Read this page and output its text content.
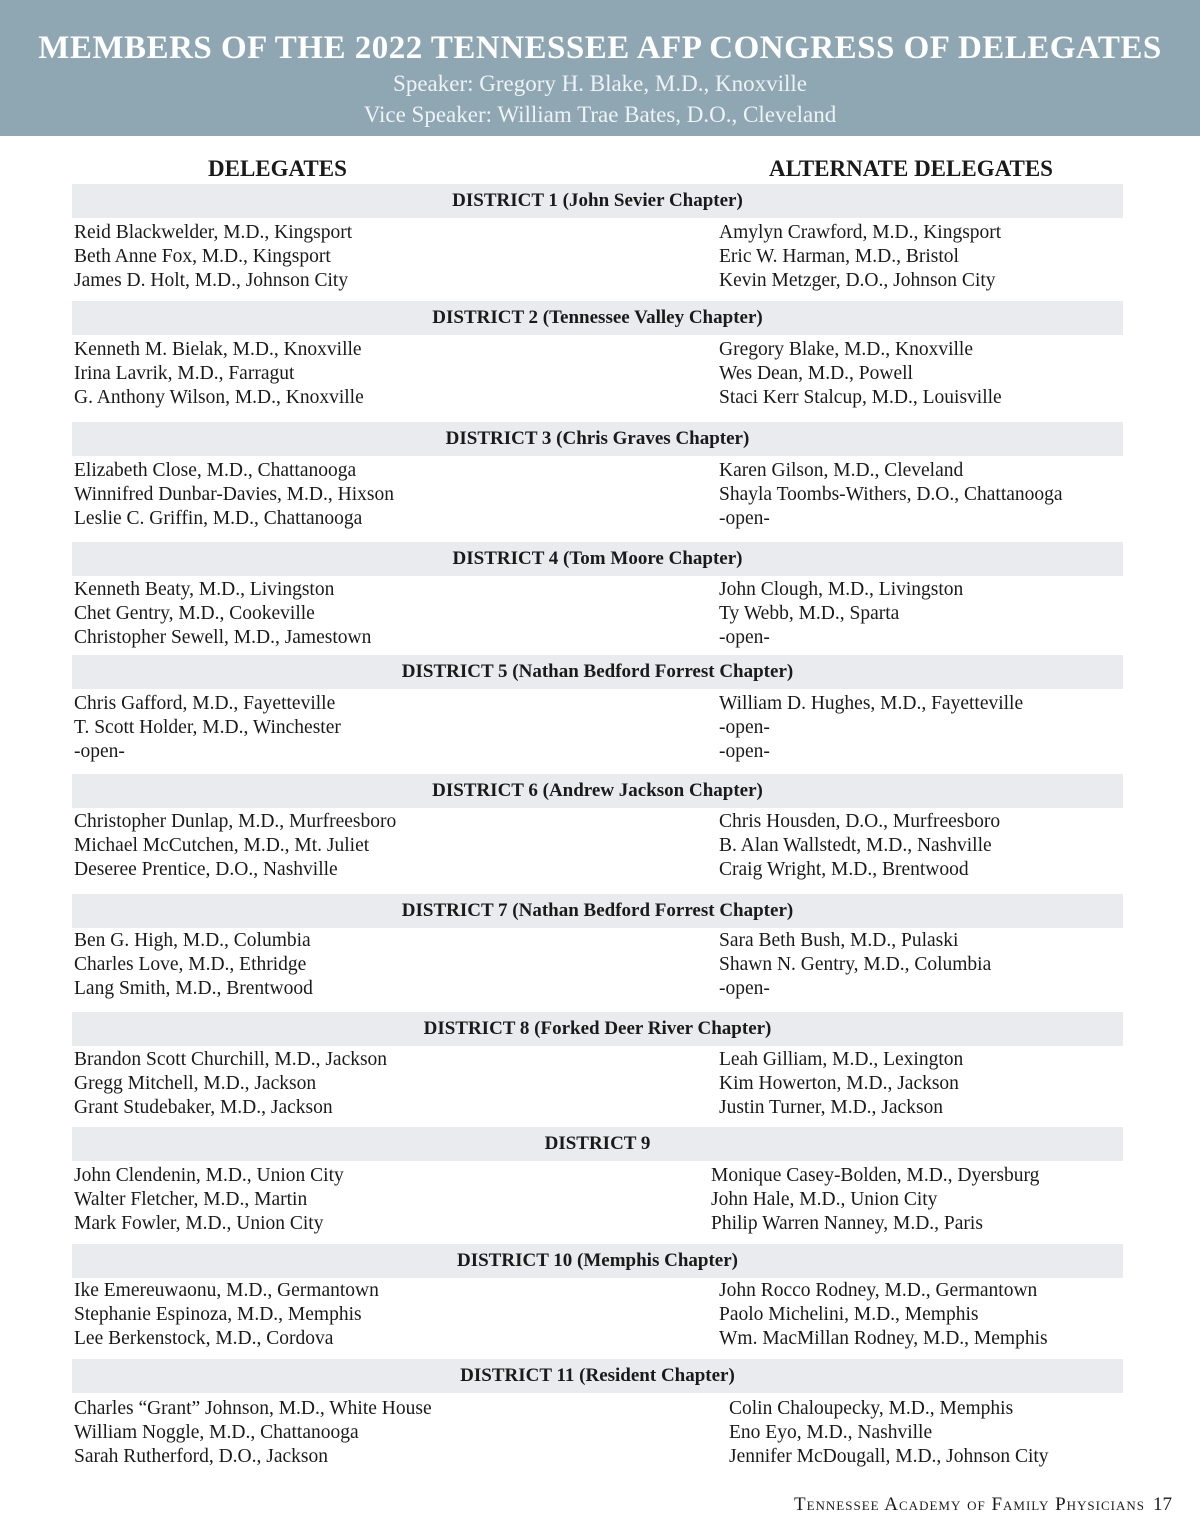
MEMBERS OF THE 2022 TENNESSEE AFP CONGRESS OF DELEGATES
Speaker: Gregory H. Blake, M.D., Knoxville
Vice Speaker: William Trae Bates, D.O., Cleveland
DELEGATES	ALTERNATE DELEGATES
DISTRICT 1 (John Sevier Chapter)
Reid Blackwelder, M.D., Kingsport
Beth Anne Fox, M.D., Kingsport
James D. Holt, M.D., Johnson City
Amylyn Crawford, M.D., Kingsport
Eric W. Harman, M.D., Bristol
Kevin Metzger, D.O., Johnson City
DISTRICT 2 (Tennessee Valley Chapter)
Kenneth M. Bielak, M.D., Knoxville
Irina Lavrik, M.D., Farragut
G. Anthony Wilson, M.D., Knoxville
Gregory Blake, M.D., Knoxville
Wes Dean, M.D., Powell
Staci Kerr Stalcup, M.D., Louisville
DISTRICT 3 (Chris Graves Chapter)
Elizabeth Close, M.D., Chattanooga
Winnifred Dunbar-Davies, M.D., Hixson
Leslie C. Griffin, M.D., Chattanooga
Karen Gilson, M.D., Cleveland
Shayla Toombs-Withers, D.O., Chattanooga
-open-
DISTRICT 4 (Tom Moore Chapter)
Kenneth Beaty, M.D., Livingston
Chet Gentry, M.D., Cookeville
Christopher Sewell, M.D., Jamestown
John Clough, M.D., Livingston
Ty Webb, M.D., Sparta
-open-
DISTRICT 5 (Nathan Bedford Forrest Chapter)
Chris Gafford, M.D., Fayetteville
T. Scott Holder, M.D., Winchester
-open-
William D. Hughes, M.D., Fayetteville
-open-
-open-
DISTRICT 6 (Andrew Jackson Chapter)
Christopher Dunlap, M.D., Murfreesboro
Michael McCutchen, M.D., Mt. Juliet
Deseree Prentice, D.O., Nashville
Chris Housden, D.O., Murfreesboro
B. Alan Wallstedt, M.D., Nashville
Craig Wright, M.D., Brentwood
DISTRICT 7 (Nathan Bedford Forrest Chapter)
Ben G. High, M.D., Columbia
Charles Love, M.D., Ethridge
Lang Smith, M.D., Brentwood
Sara Beth Bush, M.D., Pulaski
Shawn N. Gentry, M.D., Columbia
-open-
DISTRICT 8 (Forked Deer River Chapter)
Brandon Scott Churchill, M.D., Jackson
Gregg Mitchell, M.D., Jackson
Grant Studebaker, M.D., Jackson
Leah Gilliam, M.D., Lexington
Kim Howerton, M.D., Jackson
Justin Turner, M.D., Jackson
DISTRICT 9
John Clendenin, M.D., Union City
Walter Fletcher, M.D., Martin
Mark Fowler, M.D., Union City
Monique Casey-Bolden, M.D., Dyersburg
John Hale, M.D., Union City
Philip Warren Nanney, M.D., Paris
DISTRICT 10 (Memphis Chapter)
Ike Emereuwaonu, M.D., Germantown
Stephanie Espinoza, M.D., Memphis
Lee Berkenstock, M.D., Cordova
John Rocco Rodney, M.D., Germantown
Paolo Michelini, M.D., Memphis
Wm. MacMillan Rodney, M.D., Memphis
DISTRICT 11 (Resident Chapter)
Charles “Grant” Johnson, M.D., White House
William Noggle, M.D., Chattanooga
Sarah Rutherford, D.O., Jackson
Colin Chaloupecky, M.D., Memphis
Eno Eyo, M.D., Nashville
Jennifer McDougall, M.D., Johnson City
Tennessee Academy of Family Physicians 17
